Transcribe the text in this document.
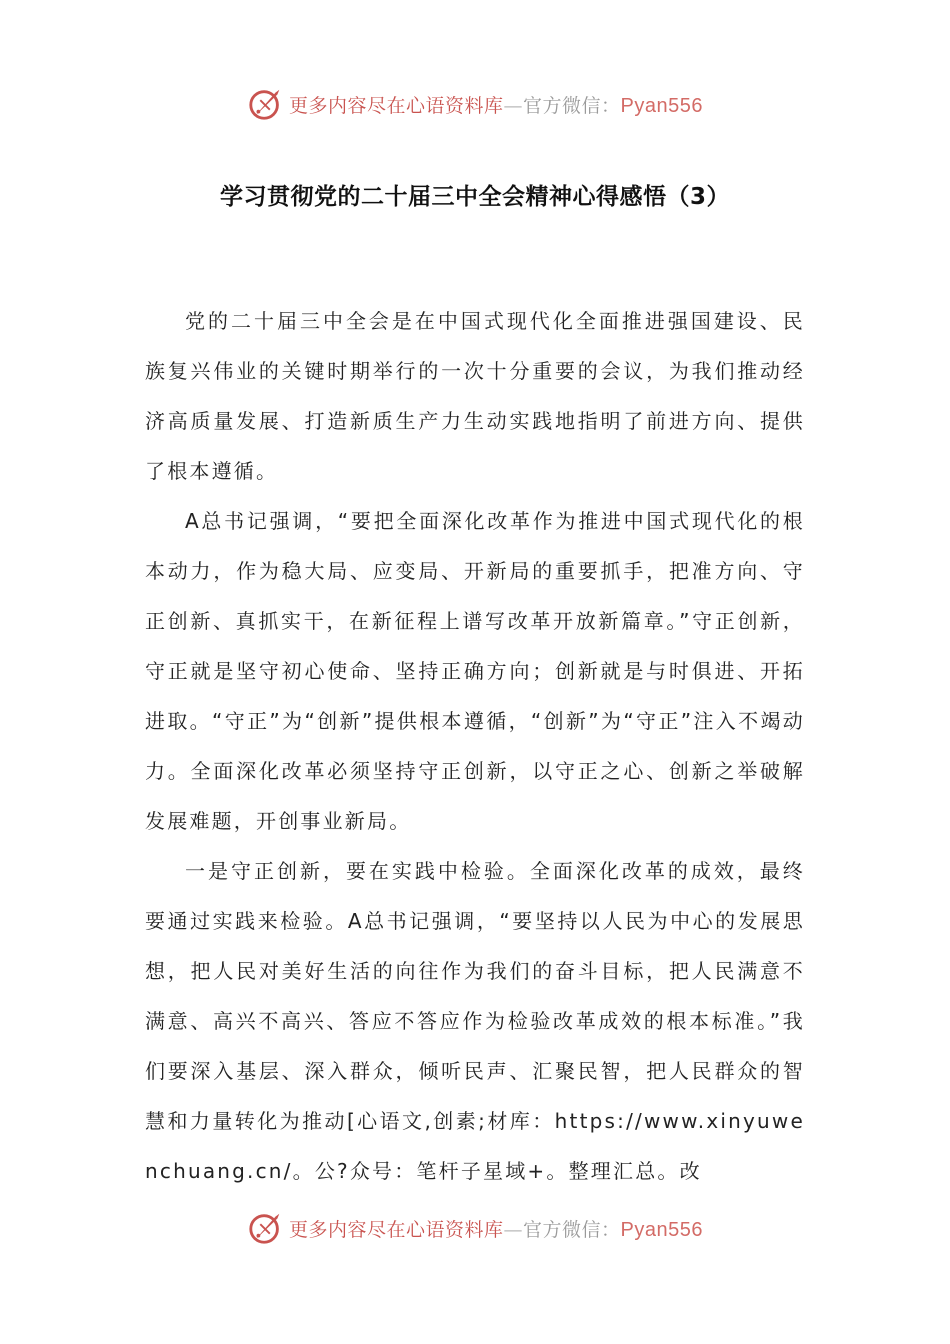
更多内容尽在心语资料库—官方微信：Pyan556
学习贯彻党的二十届三中全会精神心得感悟（3）

党的二十届三中全会是在中国式现代化全面推进强国建设、民族复兴伟业的关键时期举行的一次十分重要的会议，为我们推动经济高质量发展、打造新质生产力生动实践地指明了前进方向、提供了根本遵循。

A总书记强调，“要把全面深化改革作为推进中国式现代化的根本动力，作为稳大局、应变局、开新局的重要抓手，把准方向、守正创新、真抓实干，在新征程上谱写改革开放新篇章。”守正创新，守正就是坚守初心使命、坚持正确方向；创新就是与时俱进、开拓进取。“守正”为“创新”提供根本遵循，“创新”为“守正”注入不竭动力。全面深化改革必须坚持守正创新，以守正之心、创新之举破解发展难题，开创事业新局。

一是守正创新，要在实践中检验。全面深化改革的成效，最终要通过实践来检验。A总书记强调，“要坚持以人民为中心的发展思想，把人民对美好生活的向往作为我们的奋斗目标，把人民满意不满意、高兴不高兴、答应不答应作为检验改革成效的根本标准。”我们要深入基层、深入群众，倾听民声、汇聚民智，把人民群众的智慧和力量转化为推动[心语文,创素;材库：https://www.xinyuwenchuang.cn/。公?众号：笔杆子星域+。整理汇总。改

更多内容尽在心语资料库—官方微信：Pyan556
